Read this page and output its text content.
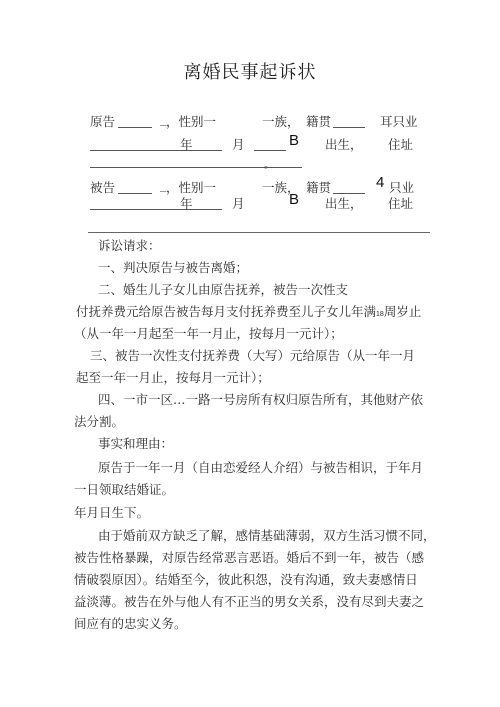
离婚民事起诉状
原告	_ ，性别一	一族， 籍贯	耳只业
年	月	B 出生， 住址
。
被告	_ ，性别一	一族， 籍贯	4 只业
年	月	B 出生， 住址
诉讼请求：
一、判决原告与被告离婚；
二、婚生儿子女儿由原告抚养，被告一次性支
付抚养费元给原告被告每月支付抚养费至儿子女儿年满18周岁止
（从一年一月起至一年一月止，按每月一元计）；
三、被告一次性支付抚养费（大写）元给原告（从一年一月
起至一年一月止，按每月一元计）；
四、一市一区…一路一号房所有权归原告所有，其他财产依
法分割。
事实和理由：
原告于一年一月（自由恋爱经人介绍）与被告相识，于年月
一日领取结婚证。
年月日生下。
由于婚前双方缺乏了解，感情基础薄弱，双方生活习惯不同，
被告性格暴躁，对原告经常恶言恶语。婚后不到一年，被告（感
情破裂原因）。结婚至今，彼此积怨，没有沟通，致夫妻感情日
益淡薄。被告在外与他人有不正当的男女关系，没有尽到夫妻之
间应有的忠实义务。
